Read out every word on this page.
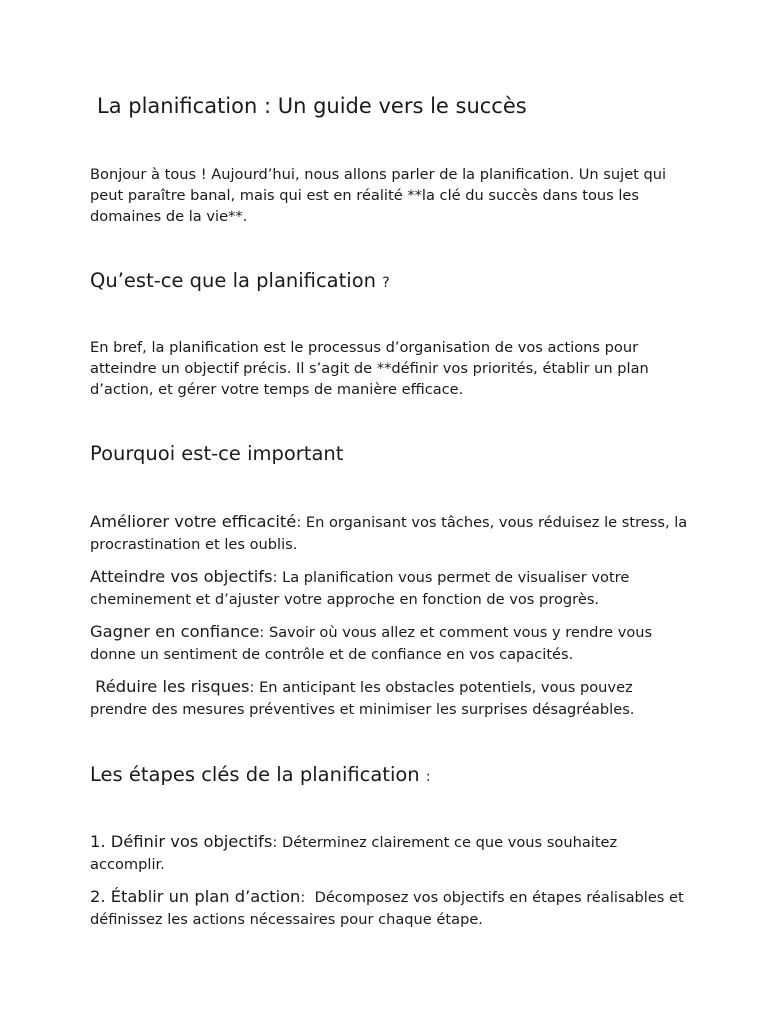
La planification : Un guide vers le succès

Bonjour à tous ! Aujourd’hui, nous allons parler de la planification. Un sujet qui peut paraître banal, mais qui est en réalité **la clé du succès dans tous les domaines de la vie**.

Qu’est-ce que la planification ?

En bref, la planification est le processus d’organisation de vos actions pour atteindre un objectif précis. Il s’agit de **définir vos priorités, établir un plan d’action, et gérer votre temps de manière efficace.

Pourquoi est-ce important

Améliorer votre efficacité: En organisant vos tâches, vous réduisez le stress, la procrastination et les oublis.

Atteindre vos objectifs: La planification vous permet de visualiser votre cheminement et d’ajuster votre approche en fonction de vos progrès.

Gagner en confiance: Savoir où vous allez et comment vous y rendre vous donne un sentiment de contrôle et de confiance en vos capacités.

Réduire les risques: En anticipant les obstacles potentiels, vous pouvez prendre des mesures préventives et minimiser les surprises désagréables.

Les étapes clés de la planification :

1. Définir vos objectifs: Déterminez clairement ce que vous souhaitez accomplir.

2. Établir un plan d’action:  Décomposez vos objectifs en étapes réalisables et définissez les actions nécessaires pour chaque étape.
